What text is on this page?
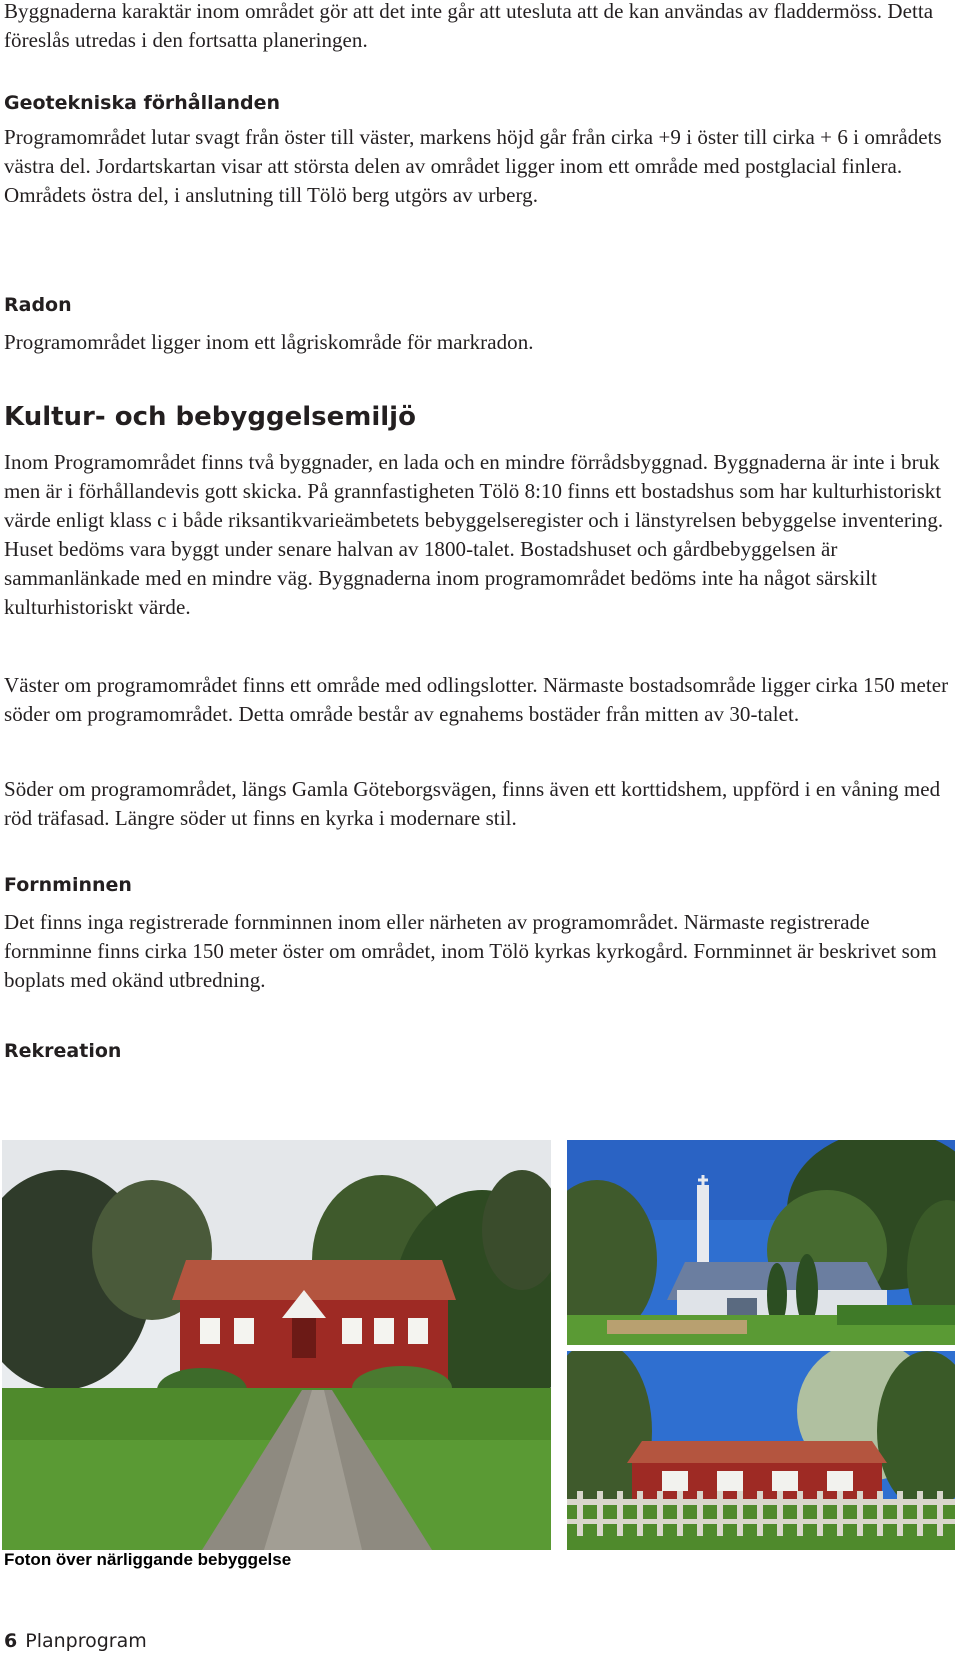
Byggnaderna karaktär inom området gör att det inte går att utesluta att de kan användas av fladdermöss. Detta föreslås utredas i den fortsatta planeringen.

Geotekniska förhållanden

Programområdet lutar svagt från öster till väster, markens höjd går från cirka +9 i öster till cirka + 6 i områdets västra del. Jordartskartan visar att största delen av området ligger inom ett område med postglacial finlera. Områdets östra del, i anslutning till Tölö berg utgörs av urberg.

Radon

Programområdet ligger inom ett lågriskområde för markradon.

Kultur- och bebyggelsemiljö

Inom Programområdet finns två byggnader, en lada och en mindre förrådsbyggnad. Byggnaderna är inte i bruk men är i förhållandevis gott skicka. På grannfastigheten Tölö 8:10 finns ett bostadshus som har kulturhistoriskt värde enligt klass c i både riksantikvarieämbetets bebyggelseregister och i länstyrelsen bebyggelse inventering. Huset bedöms vara byggt under senare halvan av 1800-talet. Bostadshuset och gårdbebyggelsen är sammanlänkade med en mindre väg. Byggnaderna inom programområdet bedöms inte ha något särskilt kulturhistoriskt värde.

Väster om programområdet finns ett område med odlingslotter. Närmaste bostadsområde ligger cirka 150 meter söder om programområdet. Detta område består av egnahems bostäder från mitten av 30-talet.

Söder om programområdet, längs Gamla Göteborgsvägen, finns även ett korttidshem, uppförd i en våning med röd träfasad. Längre söder ut finns en kyrka i modernare stil.

Fornminnen

Det finns inga registrerade fornminnen inom eller närheten av programområdet. Närmaste registrerade fornminne finns cirka 150 meter öster om området, inom Tölö kyrkas kyrkogård. Fornminnet är beskrivet som boplats med okänd utbredning.

Rekreation

Foton över närliggande bebyggelse

6 Planprogram
